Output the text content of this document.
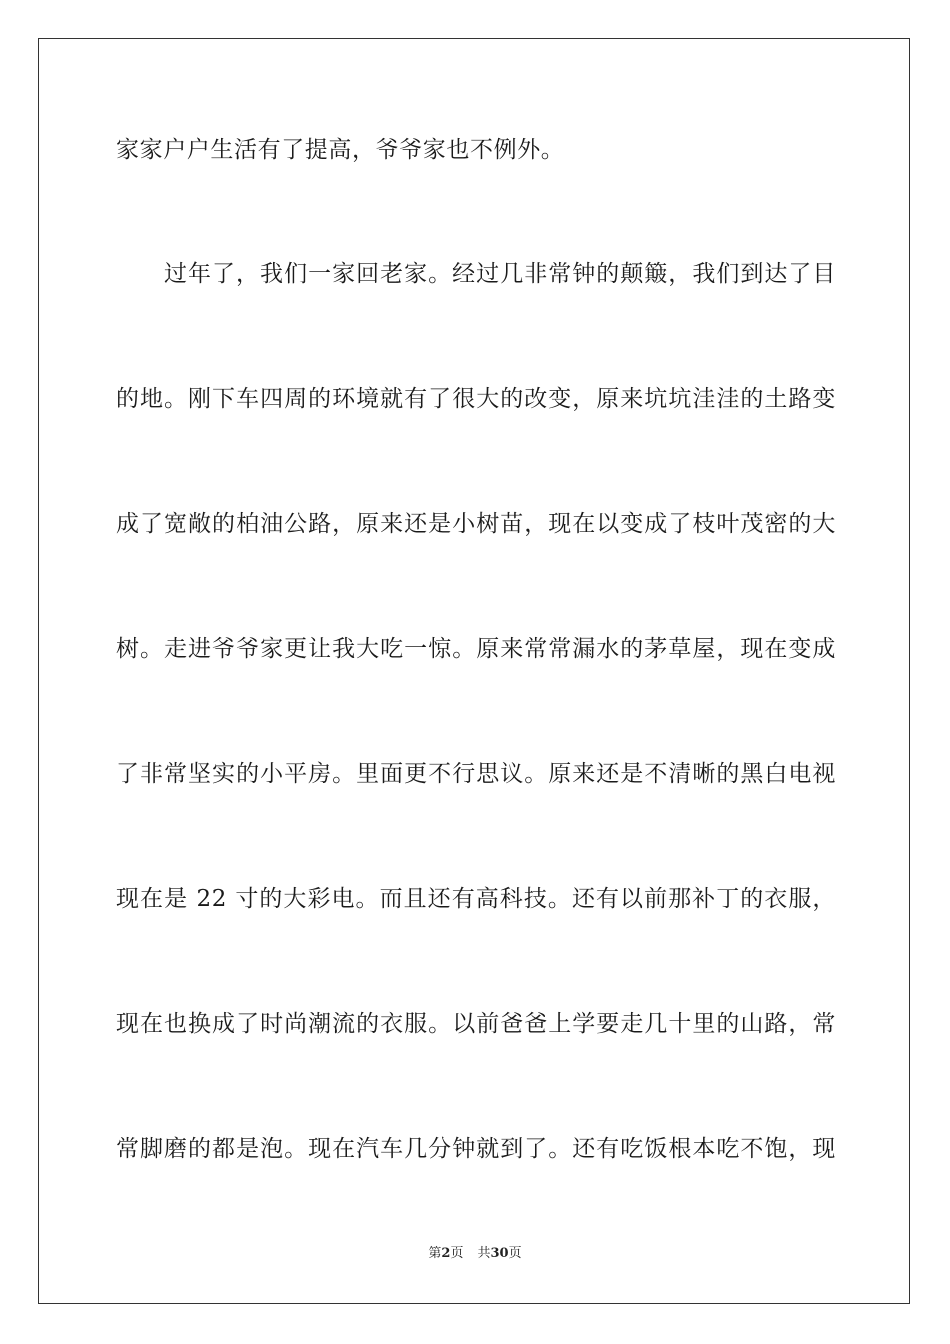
家家户户生活有了提高，爷爷家也不例外。
过年了，我们一家回老家。经过几非常钟的颠簸，我们到达了目
的地。刚下车四周的环境就有了很大的改变，原来坑坑洼洼的土路变
成了宽敞的柏油公路，原来还是小树苗，现在以变成了枝叶茂密的大
树。走进爷爷家更让我大吃一惊。原来常常漏水的茅草屋，现在变成
了非常坚实的小平房。里面更不行思议。原来还是不清晰的黑白电视
现在是 22 寸的大彩电。而且还有高科技。还有以前那补丁的衣服，
现在也换成了时尚潮流的衣服。以前爸爸上学要走几十里的山路，常
常脚磨的都是泡。现在汽车几分钟就到了。还有吃饭根本吃不饱，现
第2页 共30页
